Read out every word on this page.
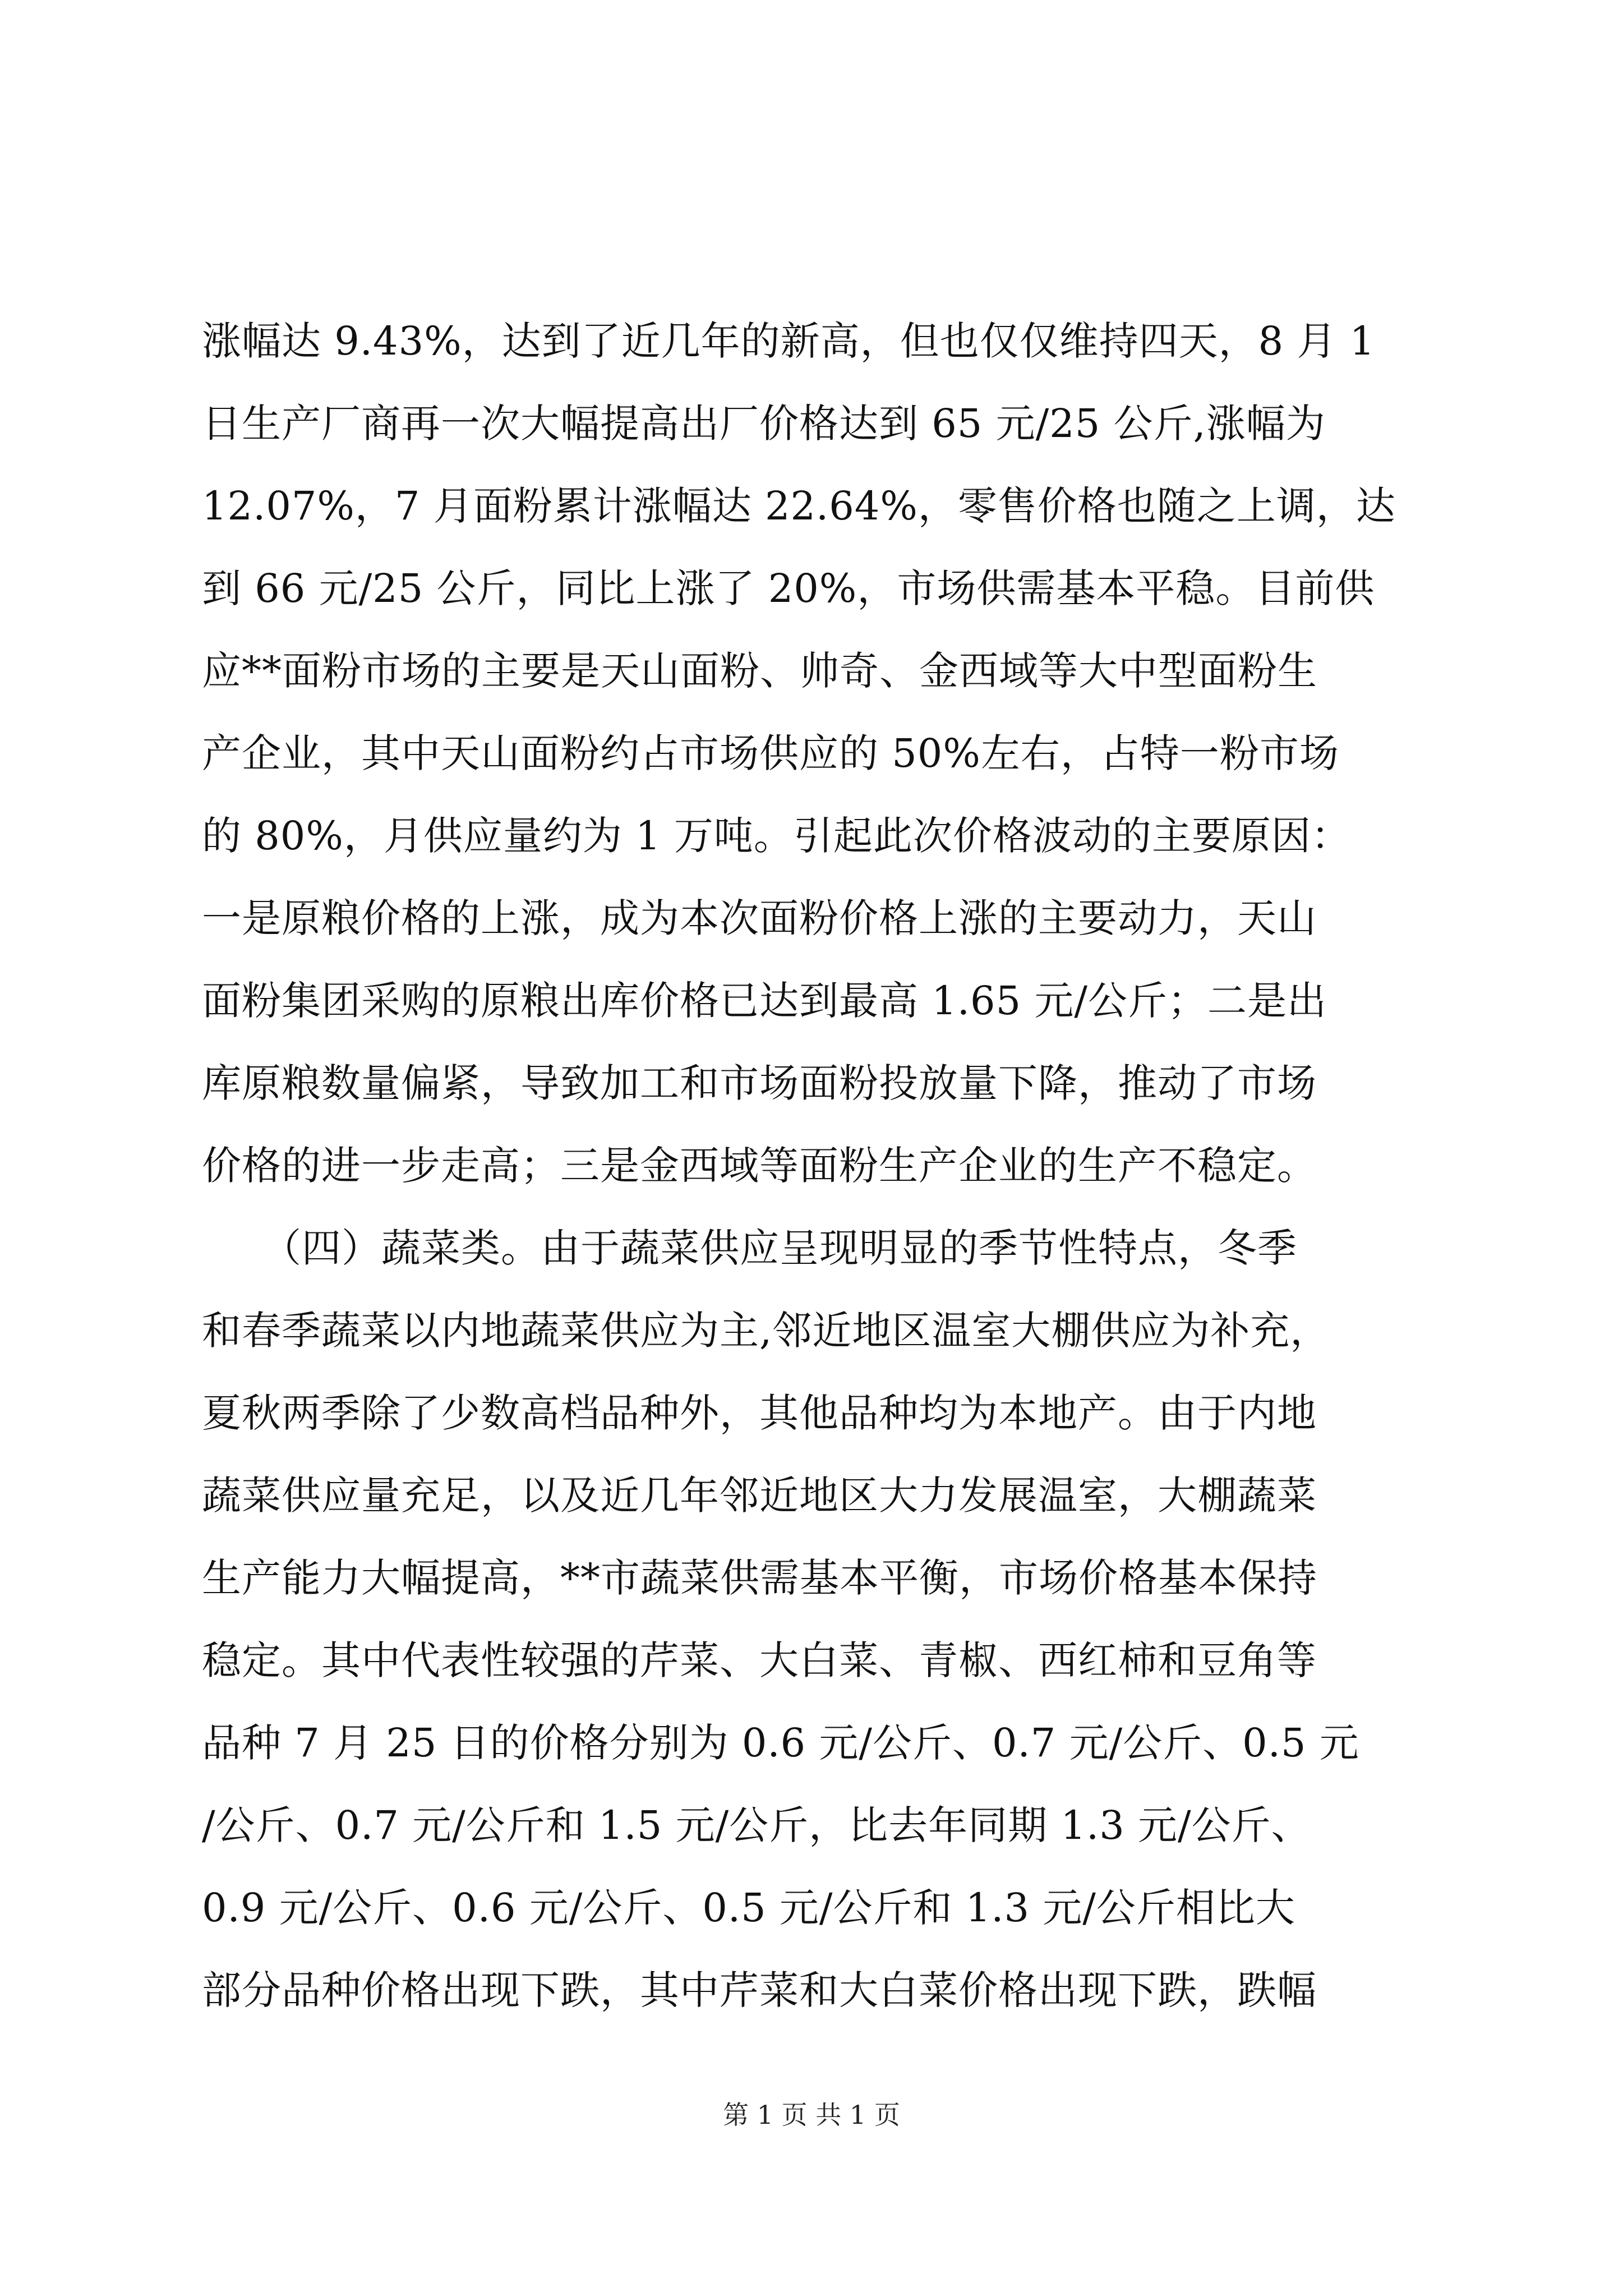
涨幅达 9.43%，达到了近几年的新高，但也仅仅维持四天，8 月 1
日生产厂商再一次大幅提高出厂价格达到 65 元/25 公斤,涨幅为
12.07%，7 月面粉累计涨幅达 22.64%，零售价格也随之上调，达
到 66 元/25 公斤，同比上涨了 20%，市场供需基本平稳。目前供
应**面粉市场的主要是天山面粉、帅奇、金西域等大中型面粉生
产企业，其中天山面粉约占市场供应的 50%左右，占特一粉市场
的 80%，月供应量约为 1 万吨。引起此次价格波动的主要原因：
一是原粮价格的上涨，成为本次面粉价格上涨的主要动力，天山
面粉集团采购的原粮出库价格已达到最高 1.65 元/公斤；二是出
库原粮数量偏紧，导致加工和市场面粉投放量下降，推动了市场
价格的进一步走高；三是金西域等面粉生产企业的生产不稳定。
　　（四）蔬菜类。由于蔬菜供应呈现明显的季节性特点，冬季
和春季蔬菜以内地蔬菜供应为主,邻近地区温室大棚供应为补充，
夏秋两季除了少数高档品种外，其他品种均为本地产。由于内地
蔬菜供应量充足，以及近几年邻近地区大力发展温室，大棚蔬菜
生产能力大幅提高，**市蔬菜供需基本平衡，市场价格基本保持
稳定。其中代表性较强的芹菜、大白菜、青椒、西红柿和豆角等
品种 7 月 25 日的价格分别为 0.6 元/公斤、0.7 元/公斤、0.5 元
/公斤、0.7 元/公斤和 1.5 元/公斤，比去年同期 1.3 元/公斤、
0.9 元/公斤、0.6 元/公斤、0.5 元/公斤和 1.3 元/公斤相比大
部分品种价格出现下跌，其中芹菜和大白菜价格出现下跌，跌幅
第 1 页 共 1 页
